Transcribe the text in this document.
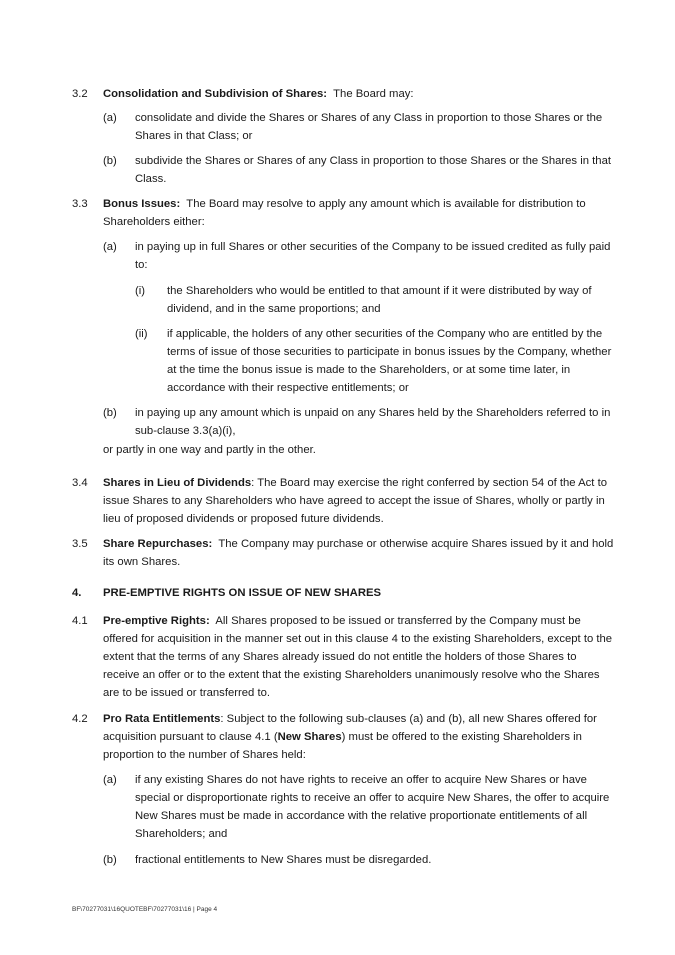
3.2 Consolidation and Subdivision of Shares: The Board may:
(a) consolidate and divide the Shares or Shares of any Class in proportion to those Shares or the Shares in that Class; or
(b) subdivide the Shares or Shares of any Class in proportion to those Shares or the Shares in that Class.
3.3 Bonus Issues: The Board may resolve to apply any amount which is available for distribution to Shareholders either:
(a) in paying up in full Shares or other securities of the Company to be issued credited as fully paid to:
(i) the Shareholders who would be entitled to that amount if it were distributed by way of dividend, and in the same proportions; and
(ii) if applicable, the holders of any other securities of the Company who are entitled by the terms of issue of those securities to participate in bonus issues by the Company, whether at the time the bonus issue is made to the Shareholders, or at some time later, in accordance with their respective entitlements; or
(b) in paying up any amount which is unpaid on any Shares held by the Shareholders referred to in sub-clause 3.3(a)(i),
or partly in one way and partly in the other.
3.4 Shares in Lieu of Dividends: The Board may exercise the right conferred by section 54 of the Act to issue Shares to any Shareholders who have agreed to accept the issue of Shares, wholly or partly in lieu of proposed dividends or proposed future dividends.
3.5 Share Repurchases: The Company may purchase or otherwise acquire Shares issued by it and hold its own Shares.
4. PRE-EMPTIVE RIGHTS ON ISSUE OF NEW SHARES
4.1 Pre-emptive Rights: All Shares proposed to be issued or transferred by the Company must be offered for acquisition in the manner set out in this clause 4 to the existing Shareholders, except to the extent that the terms of any Shares already issued do not entitle the holders of those Shares to receive an offer or to the extent that the existing Shareholders unanimously resolve who the Shares are to be issued or transferred to.
4.2 Pro Rata Entitlements: Subject to the following sub-clauses (a) and (b), all new Shares offered for acquisition pursuant to clause 4.1 (New Shares) must be offered to the existing Shareholders in proportion to the number of Shares held:
(a) if any existing Shares do not have rights to receive an offer to acquire New Shares or have special or disproportionate rights to receive an offer to acquire New Shares, the offer to acquire New Shares must be made in accordance with the relative proportionate entitlements of all Shareholders; and
(b) fractional entitlements to New Shares must be disregarded.
BF\70277031\16QUOTEBF\70277031\16 | Page 4
